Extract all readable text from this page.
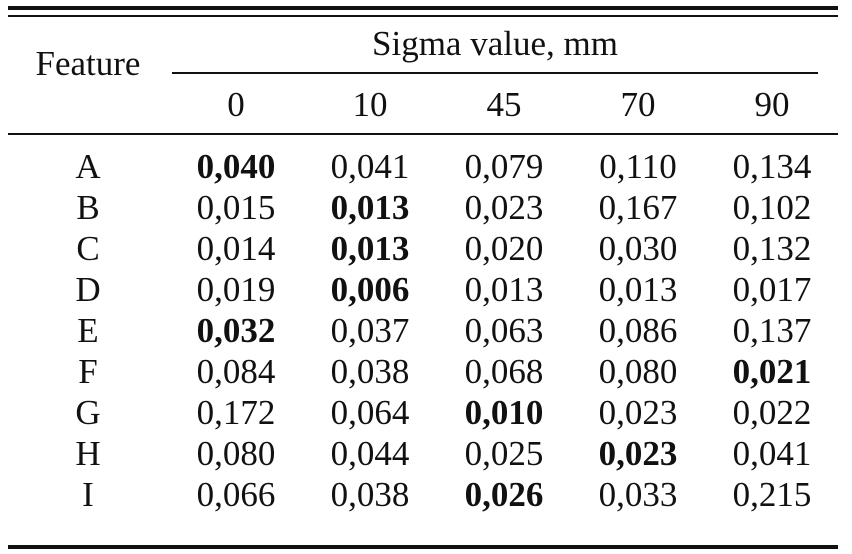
Feature
Sigma value, mm
0	10	45	70	90
A	0,040	0,041	0,079	0,110	0,134
B	0,015	0,013	0,023	0,167	0,102
C	0,014	0,013	0,020	0,030	0,132
D	0,019	0,006	0,013	0,013	0,017
E	0,032	0,037	0,063	0,086	0,137
F	0,084	0,038	0,068	0,080	0,021
G	0,172	0,064	0,010	0,023	0,022
H	0,080	0,044	0,025	0,023	0,041
I	0,066	0,038	0,026	0,033	0,215
